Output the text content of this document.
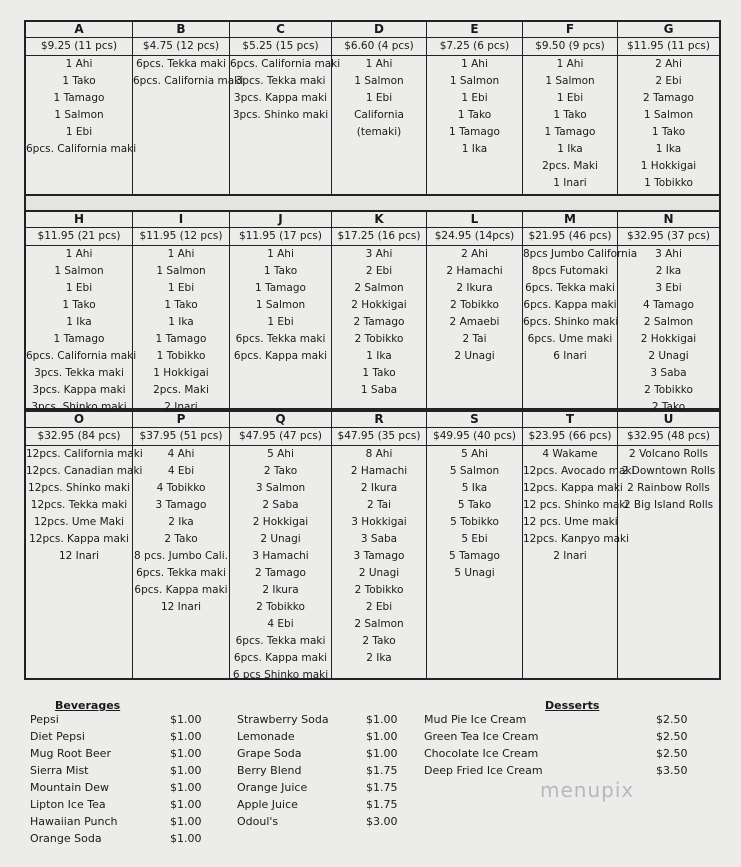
A
$9.25 (11 pcs)
1 Ahi
1 Tako
1 Tamago
1 Salmon
1 Ebi
6pcs. California maki
B
$4.75 (12 pcs)
6pcs. Tekka maki
6pcs. California maki
C
$5.25 (15 pcs)
6pcs. California maki
3pcs. Tekka maki
3pcs. Kappa maki
3pcs. Shinko maki
D
$6.60 (4 pcs)
1 Ahi
1 Salmon
1 Ebi
California
(temaki)
E
$7.25 (6 pcs)
1 Ahi
1 Salmon
1 Ebi
1 Tako
1 Tamago
1 Ika
F
$9.50 (9 pcs)
1 Ahi
1 Salmon
1 Ebi
1 Tako
1 Tamago
1 Ika
2pcs. Maki
1 Inari
G
$11.95 (11 pcs)
2 Ahi
2 Ebi
2 Tamago
1 Salmon
1 Tako
1 Ika
1 Hokkigai
1 Tobikko
H
$11.95 (21 pcs)
1 Ahi
1 Salmon
1 Ebi
1 Tako
1 Ika
1 Tamago
6pcs. California maki
3pcs. Tekka maki
3pcs. Kappa maki
3pcs. Shinko maki
I
$11.95 (12 pcs)
1 Ahi
1 Salmon
1 Ebi
1 Tako
1 Ika
1 Tamago
1 Tobikko
1 Hokkigai
2pcs. Maki
2 Inari
J
$11.95 (17 pcs)
1 Ahi
1 Tako
1 Tamago
1 Salmon
1 Ebi
6pcs. Tekka maki
6pcs. Kappa maki
K
$17.25 (16 pcs)
3 Ahi
2 Ebi
2 Salmon
2 Hokkigai
2 Tamago
2 Tobikko
1 Ika
1 Tako
1 Saba
L
$24.95 (14pcs)
2 Ahi
2 Hamachi
2 Ikura
2 Tobikko
2 Amaebi
2 Tai
2 Unagi
M
$21.95 (46 pcs)
8pcs Jumbo California
8pcs Futomaki
6pcs. Tekka maki
6pcs. Kappa maki
6pcs. Shinko maki
6pcs. Ume maki
6 Inari
N
$32.95 (37 pcs)
3 Ahi
2 Ika
3 Ebi
4 Tamago
2 Salmon
2 Hokkigai
2 Unagi
3 Saba
2 Tobikko
2 Tako
O
$32.95 (84 pcs)
12pcs. California maki
12pcs. Canadian maki
12pcs. Shinko maki
12pcs. Tekka maki
12pcs. Ume Maki
12pcs. Kappa maki
12 Inari
P
$37.95 (51 pcs)
4 Ahi
4 Ebi
4 Tobikko
3 Tamago
2 Ika
2 Tako
8 pcs. Jumbo Cali.
6pcs. Tekka maki
6pcs. Kappa maki
12 Inari
Q
$47.95 (47 pcs)
5 Ahi
2 Tako
3 Salmon
2 Saba
2 Hokkigai
2 Unagi
3 Hamachi
2 Tamago
2 Ikura
2 Tobikko
4 Ebi
6pcs. Tekka maki
6pcs. Kappa maki
6 pcs Shinko maki
R
$47.95 (35 pcs)
8 Ahi
2 Hamachi
2 Ikura
2 Tai
3 Hokkigai
3 Saba
3 Tamago
2 Unagi
2 Tobikko
2 Ebi
2 Salmon
2 Tako
2 Ika
S
$49.95 (40 pcs)
5 Ahi
5 Salmon
5 Ika
5 Tako
5 Tobikko
5 Ebi
5 Tamago
5 Unagi
T
$23.95 (66 pcs)
4 Wakame
12pcs. Avocado maki
12pcs. Kappa maki
12 pcs. Shinko maki
12 pcs. Ume maki
12pcs. Kanpyo maki
2 Inari
U
$32.95 (48 pcs)
2 Volcano Rolls
2 Downtown Rolls
2 Rainbow Rolls
2 Big Island Rolls
Beverages
Pepsi	$1.00
Diet Pepsi	$1.00
Mug Root Beer	$1.00
Sierra Mist	$1.00
Mountain Dew	$1.00
Lipton Ice Tea	$1.00
Hawaiian Punch	$1.00
Orange Soda	$1.00
Strawberry Soda	$1.00
Lemonade	$1.00
Grape Soda	$1.00
Berry Blend	$1.75
Orange Juice	$1.75
Apple Juice	$1.75
Odoul's	$3.00
Desserts
Mud Pie Ice Cream	$2.50
Green Tea Ice Cream	$2.50
Chocolate Ice Cream	$2.50
Deep Fried Ice Cream	$3.50
menupix
